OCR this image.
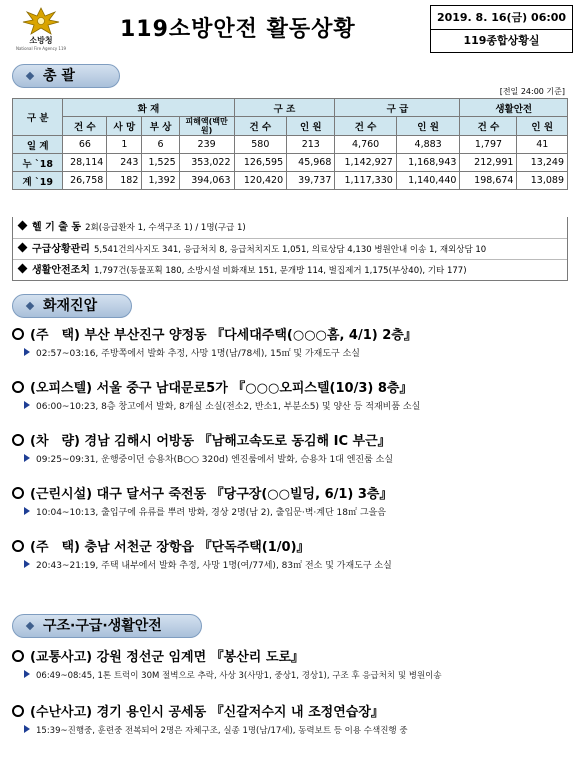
소방청
National Fire Agency 119
119소방안전 활동상황	2019. 8. 16(금) 06:00
119종합상황실
총 괄
[전일 24:00 기준]
구 분	화 재				구 조		구 급		생활안전	
	건 수	사 망	부 상	피해액(백만원)	건 수	인 원	건 수	인 원	건 수	인 원
일 계	66	1	6	239	580	213	4,760	4,883	1,797	41
누 `18	28,114	243	1,525	353,022	126,595	45,968	1,142,927	1,168,943	212,991	13,249
계 `19	26,758	182	1,392	394,063	120,420	39,737	1,117,330	1,140,440	198,674	13,089
헬 기 출 동 2회(응급환자 1, 수색구조 1) / 1명(구급 1)
구급상황관리 5,541건의사지도 341, 응급처치 8, 응급처치지도 1,051, 의료상담 4,130 병원안내 이송 1, 재외상담 10
생활안전조치 1,797건(동물포획 180, 소방시설 비화재보 151, 문개방 114, 벌집제거 1,175(부상40), 기타 177)
화재진압
(주　택) 부산 부산진구 양정동 『다세대주택(○○○홈, 4/1) 2층』
02:57~03:16, 주방쪽에서 발화 추정, 사망 1명(남/78세), 15㎡ 및 가재도구 소실
(오피스텔) 서울 중구 남대문로5가 『○○○오피스텔(10/3) 8층』
06:00~10:23, 8층 창고에서 발화, 8개실 소실(전소2, 반소1, 부분소5) 및 양산 등 적재비품 소실
(차　량) 경남 김해시 어방동 『남해고속도로 동김해 IC 부근』
09:25~09:31, 운행중이던 승용차(B○○ 320d) 엔진룸에서 발화, 승용차 1대 엔진룸 소실
(근린시설) 대구 달서구 죽전동 『당구장(○○빌딩, 6/1) 3층』
10:04~10:13, 출입구에 유류를 뿌려 방화, 경상 2명(남 2), 출입문·벽·계단 18㎡ 그을음
(주　택) 충남 서천군 장항읍 『단독주택(1/0)』
20:43~21:19, 주택 내부에서 발화 추정, 사망 1명(여/77세), 83㎡ 전소 및 가재도구 소실
구조·구급·생활안전
(교통사고) 강원 정선군 임계면 『봉산리 도로』
06:49~08:45, 1톤 트럭이 30M 절벽으로 추락, 사상 3(사망1, 중상1, 경상1), 구조 후 응급처치 및 병원이송
(수난사고) 경기 용인시 공세동 『신갈저수지 내 조정연습장』
15:39~진행중, 훈련중 전복되어 2명은 자체구조, 실종 1명(남/17세), 동력보트 등 이용 수색진행 중
